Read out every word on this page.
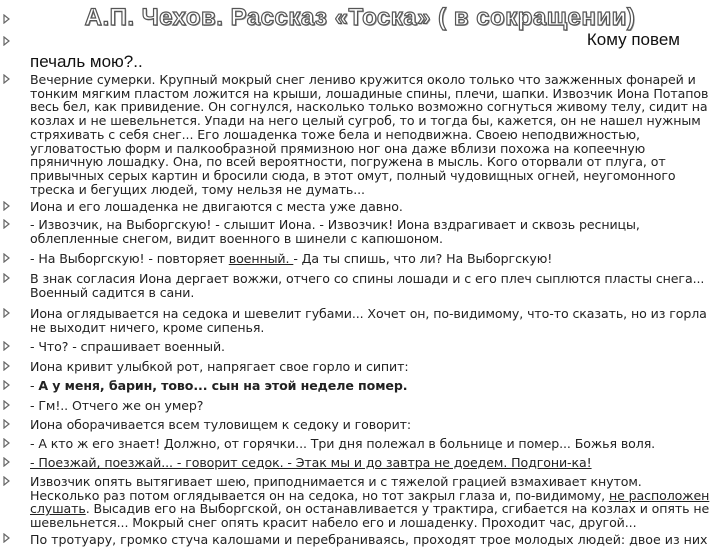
А.П. Чехов. Рассказ «Тоска» ( в сокращении)
Кому повем
печаль мою?..
Вечерние сумерки. Крупный мокрый снег лениво кружится около только что зажженных фонарей и тонким мягким пластом ложится на крыши, лошадиные спины, плечи, шапки. Извозчик Иона Потапов весь бел, как привидение. Он согнулся, насколько только возможно согнуться живому телу, сидит на козлах и не шевельнется. Упади на него целый сугроб, то и тогда бы, кажется, он не нашел нужным стряхивать с себя снег... Его лошаденка тоже бела и неподвижна. Своею неподвижностью, угловатостью форм и палкообразной прямизною ног она даже вблизи похожа на копеечную пряничную лошадку. Она, по всей вероятности, погружена в мысль. Кого оторвали от плуга, от привычных серых картин и бросили сюда, в этот омут, полный чудовищных огней, неугомонного треска и бегущих людей, тому нельзя не думать...
Иона и его лошаденка не двигаются с места уже давно.
- Извозчик, на Выборгскую! - слышит Иона. - Извозчик! Иона вздрагивает и сквозь ресницы, облепленные снегом, видит военного в шинели с капюшоном.
- На Выборгскую! - повторяет военный. - Да ты спишь, что ли? На Выборгскую!
В знак согласия Иона дергает вожжи, отчего со спины лошади и с его плеч сыплются пласты снега... Военный садится в сани.
Иона оглядывается на седока и шевелит губами... Хочет он, по-видимому, что-то сказать, но из горла не выходит ничего, кроме сипенья.
- Что? - спрашивает военный.
Иона кривит улыбкой рот, напрягает свое горло и сипит:
- А у меня, барин, тово... сын на этой неделе помер.
- Гм!.. Отчего же он умер?
Иона оборачивается всем туловищем к седоку и говорит:
- А кто ж его знает! Должно, от горячки... Три дня полежал в больнице и помер... Божья воля.
- Поезжай, поезжай... - говорит седок. - Этак мы и до завтра не доедем. Подгони-ка!
Извозчик опять вытягивает шею, приподнимается и с тяжелой грацией взмахивает кнутом. Несколько раз потом оглядывается он на седока, но тот закрыл глаза и, по-видимому, не расположен слушать. Высадив его на Выборгской, он останавливается у трактира, сгибается на козлах и опять не шевельнется... Мокрый снег опять красит набело его и лошаденку. Проходит час, другой...
По тротуару, громко стуча калошами и перебраниваясь, проходят трое молодых людей: двое из них
